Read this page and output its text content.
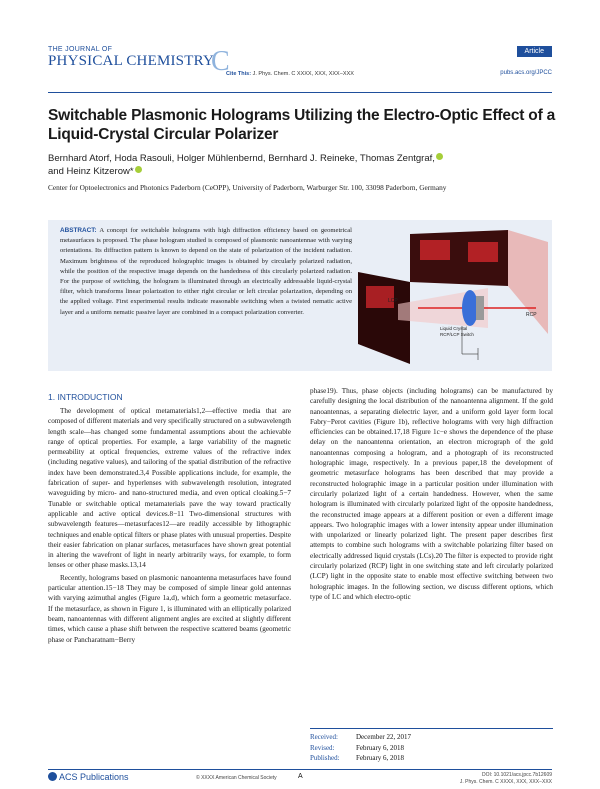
THE JOURNAL OF
PHYSICAL CHEMISTRY
C
Cite This: J. Phys. Chem. C XXXX, XXX, XXX−XXX
Article
pubs.acs.org/JPCC
Switchable Plasmonic Holograms Utilizing the Electro-Optic Effect of a Liquid-Crystal Circular Polarizer
Bernhard Atorf, Hoda Rasouli, Holger Mühlenbernd, Bernhard J. Reineke, Thomas Zentgraf,
and Heinz Kitzerow*
Center for Optoelectronics and Photonics Paderborn (CeOPP), University of Paderborn, Warburger Str. 100, 33098 Paderborn, Germany
ABSTRACT: A concept for switchable holograms with high diffraction efficiency based on geometrical metasurfaces is proposed. The phase hologram studied is composed of plasmonic nanoantennae with varying orientations. Its diffraction pattern is known to depend on the state of polarization of the incident radiation. Maximum brightness of the reproduced holographic images is obtained by circularly polarized radiation, while the position of the respective image depends on the handedness of this circularly polarized radiation. For the purpose of switching, the hologram is illuminated through an electrically addressable liquid-crystal filter, which transforms linear polarization to either right circular or left circular polarization, depending on the applied voltage. First experimental results indicate reasonable switching when a twisted nematic active layer and a uniform nematic passive layer are combined in a compact polarization converter.
LCP
RCP
Liquid Crystal
RCP/LCP Switch
1. INTRODUCTION

The development of optical metamaterials1,2—effective media that are composed of different materials and very specifically structured on a subwavelength length scale—has changed some fundamental assumptions about the achievable range of optical properties. For example, a large variability of the magnetic permeability at optical frequencies, extreme values of the refractive index (including negative values), and tailoring of the spatial distribution of the refractive index have been demonstrated.3,4 Possible applications include, for example, the fabrication of super- and hyperlenses with subwavelength resolution, integrated waveguiding by micro- and nano-structured media, and even optical cloaking.5−7 Tunable or switchable optical metamaterials pave the way toward practically applicable and active optical devices.8−11 Two-dimensional structures with subwavelength features—metasurfaces12—are readily accessible by lithographic techniques and enable optical filters or phase plates with unusual properties. Despite their easier fabrication on planar surfaces, metasurfaces have shown great potential in altering the wavefront of light in nearly arbitrarily ways, for example, to form lenses or other phase masks.13,14

Recently, holograms based on plasmonic nanoantenna metasurfaces have found particular attention.15−18 They may be composed of simple linear gold antennas with varying azimuthal angles (Figure 1a,d), which form a geometric metasurface. If the metasurface, as shown in Figure 1, is illuminated with an elliptically polarized beam, nanoantennas with different alignment angles are excited at slightly different times, which cause a phase shift between the respective scattered beams (geometric phase or Pancharatnam−Berry

phase19). Thus, phase objects (including holograms) can be manufactured by carefully designing the local distribution of the nanoantenna alignment. If the gold nanoantennas, a separating dielectric layer, and a uniform gold layer form local Fabry−Perot cavities (Figure 1b), reflective holograms with very high diffraction efficiencies can be obtained.17,18 Figure 1c−e shows the dependence of the phase delay on the nanoantenna orientation, an electron micrograph of the gold nanoantennas composing a hologram, and a photograph of its reconstructed holographic image, respectively. In a previous paper,18 the development of geometric metasurface holograms has been described that may provide a reconstructed holographic image in a particular position under illumination with circularly polarized light of a certain handedness. However, when the same hologram is illuminated with circularly polarized light of the opposite handedness, the reconstructed image appears at a different position or even a different image appears. Two holographic images with a lower intensity appear under illumination with unpolarized or linearly polarized light. The present paper describes first attempts to combine such holograms with a switchable polarizing filter based on electrically addressed liquid crystals (LCs).20 The filter is expected to provide right circularly polarized (RCP) light in one switching state and left circularly polarized (LCP) light in the opposite state to enable most effective switching between two holographic images. In the following section, we discuss different options, which type of LC and which electro-optic

Received:	December 22, 2017
Revised:	February 6, 2018
Published: February 6, 2018
ACS Publications	© XXXX American Chemical Society	A	DOI: 10.1021/acs.jpcc.7b12609
J. Phys. Chem. C XXXX, XXX, XXX−XXX
